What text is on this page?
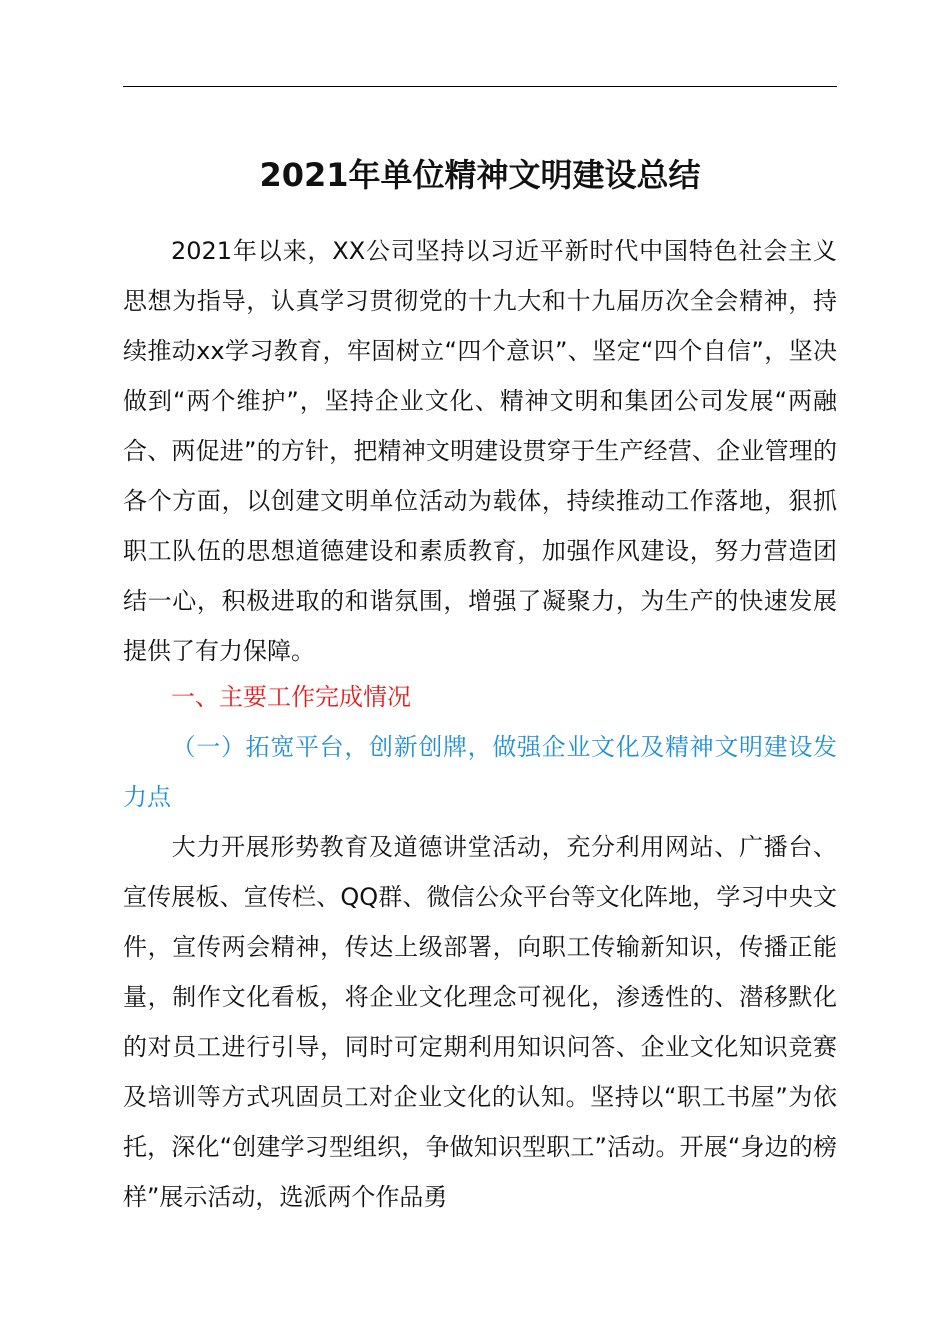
2021年单位精神文明建设总结
2021年以来，XX公司坚持以习近平新时代中国特色社会主义思想为指导，认真学习贯彻党的十九大和十九届历次全会精神，持续推动xx学习教育，牢固树立“四个意识”、坚定“四个自信”，坚决做到“两个维护”，坚持企业文化、精神文明和集团公司发展“两融合、两促进”的方针，把精神文明建设贯穿于生产经营、企业管理的各个方面，以创建文明单位活动为载体，持续推动工作落地，狠抓职工队伍的思想道德建设和素质教育，加强作风建设，努力营造团结一心，积极进取的和谐氛围，增强了凝聚力，为生产的快速发展提供了有力保障。
一、主要工作完成情况
（一）拓宽平台，创新创牌，做强企业文化及精神文明建设发力点
大力开展形势教育及道德讲堂活动，充分利用网站、广播台、宣传展板、宣传栏、QQ群、微信公众平台等文化阵地，学习中央文件，宣传两会精神，传达上级部署，向职工传输新知识，传播正能量，制作文化看板，将企业文化理念可视化，渗透性的、潜移默化的对员工进行引导，同时可定期利用知识问答、企业文化知识竞赛及培训等方式巩固员工对企业文化的认知。坚持以“职工书屋”为依托，深化“创建学习型组织，争做知识型职工”活动。开展“身边的榜样”展示活动，选派两个作品勇
